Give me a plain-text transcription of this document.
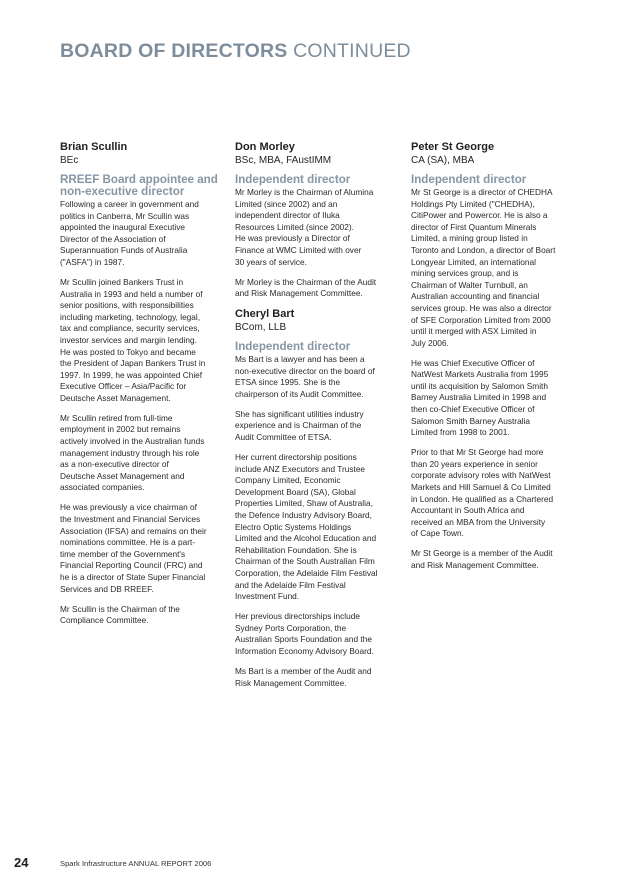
BOARD OF DIRECTORS CONTINUED
Brian Scullin

BEc

RREEF Board appointee and
non-executive director

Following a career in government and
politics in Canberra, Mr Scullin was
appointed the inaugural Executive
Director of the Association of
Superannuation Funds of Australia
("ASFA") in 1987.

Mr Scullin joined Bankers Trust in
Australia in 1993 and held a number of
senior positions, with responsibilities
including marketing, technology, legal,
tax and compliance, security services,
investor services and margin lending.
He was posted to Tokyo and became
the President of Japan Bankers Trust in
1997. In 1999, he was appointed Chief
Executive Officer – Asia/Pacific for
Deutsche Asset Management.

Mr Scullin retired from full-time
employment in 2002 but remains
actively involved in the Australian funds
management industry through his role
as a non-executive director of
Deutsche Asset Management and
associated companies.

He was previously a vice chairman of
the Investment and Financial Services
Association (IFSA) and remains on their
nominations committee. He is a part-
time member of the Government's
Financial Reporting Council (FRC) and
he is a director of State Super Financial
Services and DB RREEF.

Mr Scullin is the Chairman of the
Compliance Committee.

Don Morley

BSc, MBA, FAustIMM

Independent director

Mr Morley is the Chairman of Alumina
Limited (since 2002) and an
independent director of Iluka
Resources Limited (since 2002).
He was previously a Director of
Finance at WMC Limited with over
30 years of service.

Mr Morley is the Chairman of the Audit
and Risk Management Committee.

Cheryl Bart

BCom, LLB

Independent director

Ms Bart is a lawyer and has been a
non-executive director on the board of
ETSA since 1995. She is the
chairperson of its Audit Committee.

She has significant utilities industry
experience and is Chairman of the
Audit Committee of ETSA.

Her current directorship positions
include ANZ Executors and Trustee
Company Limited, Economic
Development Board (SA), Global
Properties Limited, Shaw of Australia,
the Defence Industry Advisory Board,
Electro Optic Systems Holdings
Limited and the Alcohol Education and
Rehabilitation Foundation. She is
Chairman of the South Australian Film
Corporation, the Adelaide Film Festival
and the Adelaide Film Festival
Investment Fund.

Her previous directorships include
Sydney Ports Corporation, the
Australian Sports Foundation and the
Information Economy Advisory Board.

Ms Bart is a member of the Audit and
Risk Management Committee.

Peter St George

CA (SA), MBA

Independent director

Mr St George is a director of CHEDHA
Holdings Pty Limited ("CHEDHA),
CitiPower and Powercor. He is also a
director of First Quantum Minerals
Limited, a mining group listed in
Toronto and London, a director of Boart
Longyear Limited, an international
mining services group, and is
Chairman of Walter Turnbull, an
Australian accounting and financial
services group. He was also a director
of SFE Corporation Limited from 2000
until it merged with ASX Limited in
July 2006.

He was Chief Executive Officer of
NatWest Markets Australia from 1995
until its acquisition by Salomon Smith
Barney Australia Limited in 1998 and
then co-Chief Executive Officer of
Salomon Smith Barney Australia
Limited from 1998 to 2001.

Prior to that Mr St George had more
than 20 years experience in senior
corporate advisory roles with NatWest
Markets and Hill Samuel & Co Limited
in London. He qualified as a Chartered
Accountant in South Africa and
received an MBA from the University
of Cape Town.

Mr St George is a member of the Audit
and Risk Management Committee.

24	Spark Infrastructure ANNUAL REPORT 2006
